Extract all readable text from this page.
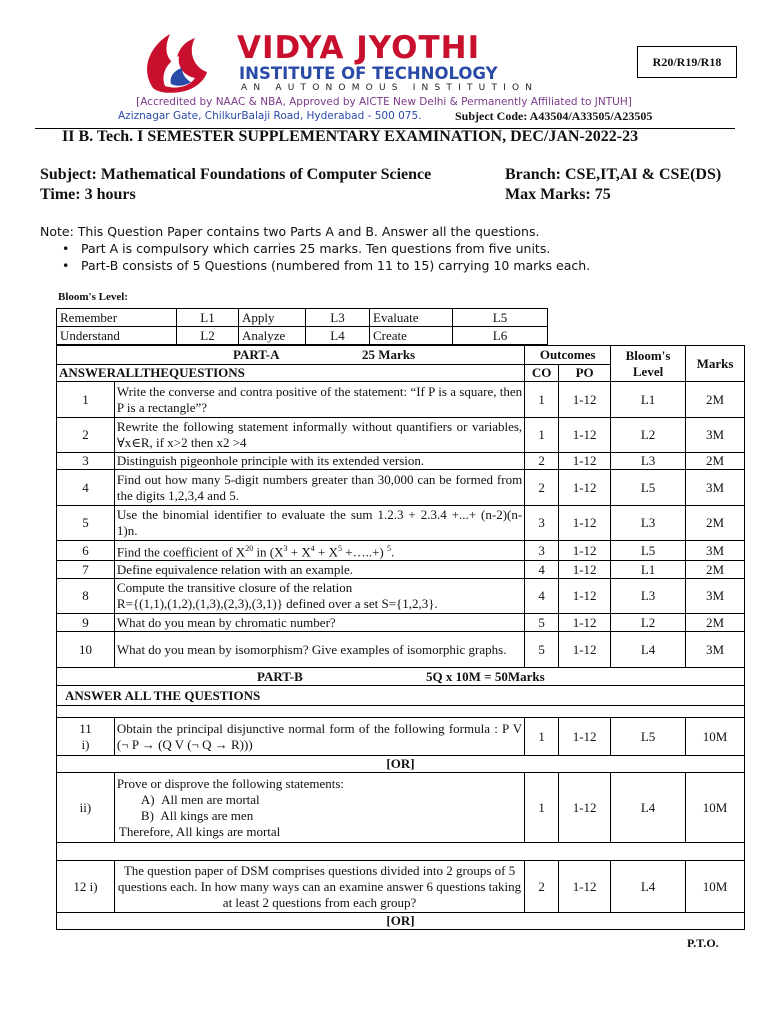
VIDYA JYOTHI
INSTITUTE OF TECHNOLOGY
AN AUTONOMOUS INSTITUTION
R20/R19/R18
[Accredited by NAAC & NBA, Approved by AICTE New Delhi & Permanently Affiliated to JNTUH]
Aziznagar Gate, ChilkurBalaji Road, Hyderabad - 500 075.	Subject Code: A43504/A33505/A23505
II B. Tech. I SEMESTER SUPPLEMENTARY EXAMINATION, DEC/JAN-2022-23
Subject: Mathematical Foundations of Computer Science
Time: 3 hours
Branch: CSE,IT,AI & CSE(DS)
Max Marks: 75
Note: This Question Paper contains two Parts A and B. Answer all the questions.
• Part A is compulsory which carries 25 marks. Ten questions from five units.
• Part-B consists of 5 Questions (numbered from 11 to 15) carrying 10 marks each.
Bloom's Level:
Remember	L1	Apply	L3	Evaluate	L5
Understand	L2	Analyze	L4	Create	L6
PART-A 25 Marks		Outcomes		Bloom's Level	Marks
ANSWERALLTHEQUESTIONS		CO	PO		
1	Write the converse and contra positive of the statement: “If P is a square, then P is a rectangle”?	1	1-12	L1	2M
2	Rewrite the following statement informally without quantifiers or variables, ∀x∈R, if x>2 then x2 >4	1	1-12	L2	3M
3	Distinguish pigeonhole principle with its extended version.	2	1-12	L3	2M
4	Find out how many 5-digit numbers greater than 30,000 can be formed from the digits 1,2,3,4 and 5.	2	1-12	L5	3M
5	Use the binomial identifier to evaluate the sum 1.2.3 + 2.3.4 +...+ (n-2)(n-1)n.	3	1-12	L3	2M
6	Find the coefficient of $X^{20}$ in ($X^3 + X^4 + X^5$ +…..+) $^5$.	3	1-12	L5	3M
7	Define equivalence relation with an example.	4	1-12	L1	2M
8	Compute the transitive closure of the relation
R={(1,1),(1,2),(1,3),(2,3),(3,1)} defined over a set S={1,2,3}.	4	1-12	L3	3M
9	What do you mean by chromatic number?	5	1-12	L2	2M
10	What do you mean by isomorphism? Give examples of isomorphic graphs.	5	1-12	L4	3M
PART-B 5Q x 10M = 50Marks					
ANSWER ALL THE QUESTIONS					

11
i)	Obtain the principal disjunctive normal form of the following formula : P V (¬ P → (Q V (¬ Q → R)))	1	1-12	L5	10M
[OR]					
ii)	Prove or disprove the following statements:
A)  All men are mortal
B)  All kings are men
Therefore, All kings are mortal	1	1-12	L4	10M

12 i)	The question paper of DSM comprises questions divided into 2 groups of 5 questions each. In how many ways can an examine answer 6 questions taking at least 2 questions from each group?	2	1-12	L4	10M
[OR]					
P.T.O.
